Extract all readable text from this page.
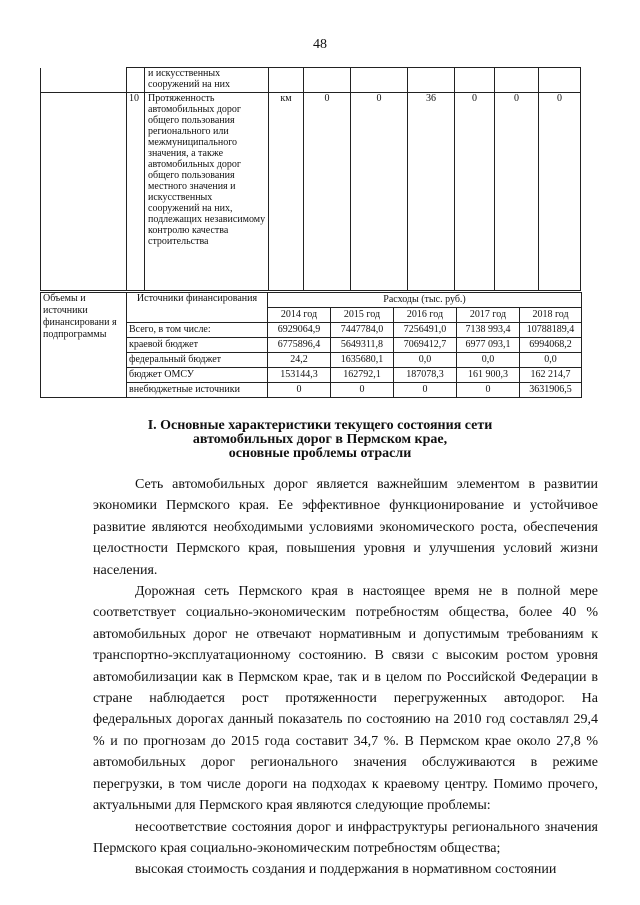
48
		и искусственных сооружений на них							
	10	Протяженность автомобильных дорог общего пользования регионального или межмуниципального значения, а также автомобильных дорог общего пользования местного значения и искусственных сооружений на них, подлежащих независимому контролю качества строительства	км	0	0	36	0	0	0
Объемы и источники финансировани я подпрограммы	Источники финансирования	Расходы (тыс. руб.)				
		2014 год	2015 год	2016 год	2017 год	2018 год
	Всего, в том числе:	6929064,9	7447784,0	7256491,0	7138 993,4	10788189,4
	краевой бюджет	6775896,4	5649311,8	7069412,7	6977 093,1	6994068,2
	федеральный бюджет	24,2	1635680,1	0,0	0,0	0,0
	бюджет ОМСУ	153144,3	162792,1	187078,3	161 900,3	162 214,7
	внебюджетные источники	0	0	0	0	3631906,5
I. Основные характеристики текущего состояния сети
автомобильных дорог в Пермском крае,
основные проблемы отрасли

Сеть автомобильных дорог является важнейшим элементом в развитии экономики Пермского края. Ее эффективное функционирование и устойчивое развитие являются необходимыми условиями экономического роста, обеспечения целостности Пермского края, повышения уровня и улучшения условий жизни населения.

Дорожная сеть Пермского края в настоящее время не в полной мере соответствует социально-экономическим потребностям общества, более 40 % автомобильных дорог не отвечают нормативным и допустимым требованиям к транспортно-эксплуатационному состоянию. В связи с высоким ростом уровня автомобилизации как в Пермском крае, так и в целом по Российской Федерации в стране наблюдается рост протяженности перегруженных автодорог. На федеральных дорогах данный показатель по состоянию на 2010 год составлял 29,4 % и по прогнозам до 2015 года составит 34,7 %. В Пермском крае около 27,8 % автомобильных дорог регионального значения обслуживаются в режиме перегрузки, в том числе дороги на подходах к краевому центру. Помимо прочего, актуальными для Пермского края являются следующие проблемы:

несоответствие состояния дорог и инфраструктуры регионального значения Пермского края социально-экономическим потребностям общества;

высокая стоимость создания и поддержания в нормативном состоянии
